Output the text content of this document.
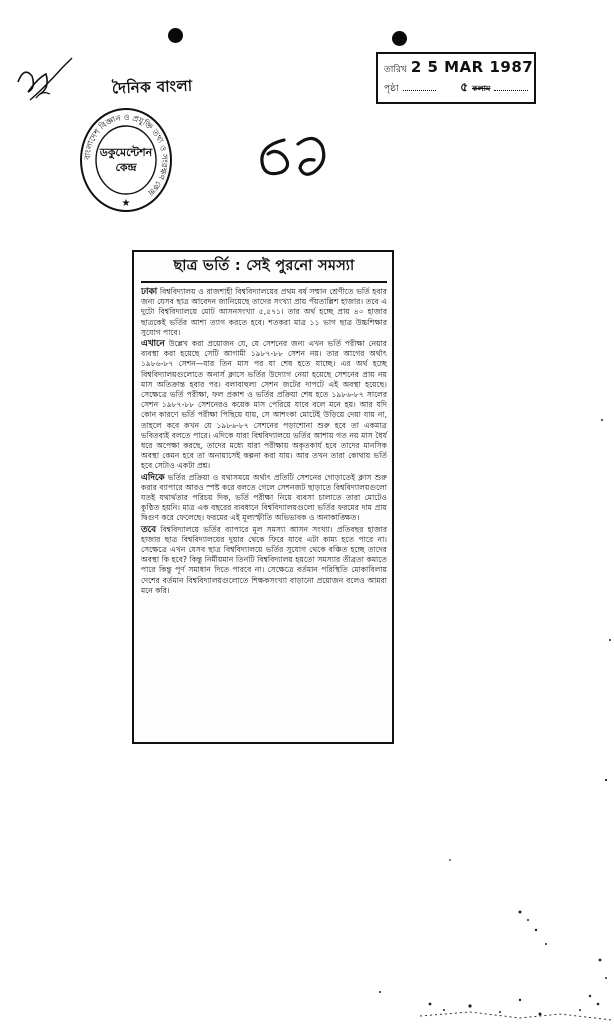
দৈনিক বাংলা
বাংলাদেশ বিজ্ঞান ও প্রযুক্তি তথ্য ও সংরক্ষণ কেন্দ্র
★
ডকুমেন্টেশন
কেন্দ্র
তারিখ 2 5 MAR 1987
পৃষ্ঠা	৫ কলাম
৪৩
ছাত্র ভর্তি : সেই পুরনো সমস্যা

ঢাকা বিশ্ববিদ্যালয় ও রাজশাহী বিশ্ববিদ্যালয়ের প্রথম বর্ষ সম্মান শ্রেণীতে ভর্তি হবার জন্য যেসব ছাত্র আবেদন জানিয়েছে তাদের সংখ্যা প্রায় পঁয়তাল্লিশ হাজার। তবে এ দুটো বিশ্ববিদ্যালয়ে মোট আসনসংখ্যা ৫,৫৭১। তার অর্থ হচ্ছে প্রায় ৪০ হাজার ছাত্রকেই ভর্তির আশা ত্যাগ করতে হবে। শতকরা মাত্র ১১ ভাগ ছাত্র উচ্চশিক্ষার সুযোগ পাবে।

এখানে উল্লেখ করা প্রয়োজন যে, যে সেশনের জন্য এখন ভর্তি পরীক্ষা নেয়ার ব্যবস্থা করা হয়েছে সেটি আগামী ১৯৮৭-৮৮ সেশন নয়। তার আগের অর্থাৎ ১৯৮৬-৮৭ সেশন—যার তিন মাস পর যা শেষ হতে যাচ্ছে। এর অর্থ হচ্ছে বিশ্ববিদ্যালয়গুলোতে অনার্স ক্লাসে ভর্তির উদ্যোগ নেয়া হয়েছে সেশনের প্রায় নয় মাস অতিক্রান্ত হবার পর। বলাবাহুল্য সেশন জটের দাপটে এই অবস্থা হয়েছে। সেক্ষেত্রে ভর্তি পরীক্ষা, ফল প্রকাশ ও ভর্তির প্রক্রিয়া শেষ হতে ১৯৮৬-৮৭ সালের সেশন ১৯৮৭-৮৮ সেশনেরও কয়েক মাস পেরিয়ে যাবে বলে মনে হয়। আর যদি কোন কারণে ভর্তি পরীক্ষা পিছিয়ে যায়, সে আশংকা মোটেই উড়িয়ে দেয়া যায় না, তাহলে কবে কখন যে ১৯৮৬-৮৭ সেশনের পড়াশোনা শুরু হবে তা একমাত্র ভবিতব্যই বলতে পারে। এদিকে যারা বিশ্ববিদ্যালয়ে ভর্তির আশায় গত নয় মাস ধৈর্য ধরে অপেক্ষা করছে, তাদের মধ্যে যারা পরীক্ষায় অকৃতকার্য হবে তাদের মানসিক অবস্থা কেমন হবে তা অনায়াসেই কল্পনা করা যায়। আর তখন তারা কোথায় ভর্তি হবে সেটাও একটা প্রশ্ন।

এদিকে ভর্তির প্রক্রিয়া ও যথাসময়ে অর্থাৎ প্রতিটি সেশনের গোড়াতেই ক্লাস শুরু করার ব্যাপারে আরও স্পষ্ট করে বলতে গেলে সেশনজট ছাড়াতে বিশ্ববিদ্যালয়গুলো যতই যথার্থতার পরিচয় দিক, ভর্তি পরীক্ষা নিয়ে ব্যবসা চালাতে তারা মোটেও কুণ্ঠিত হয়নি। মাত্র এক বছরের ব্যবধানে বিশ্ববিদ্যালয়গুলো ভর্তির ফরমের দাম প্রায় দ্বিগুণ করে ফেলেছে। ফরমের এই মূল্যস্ফীতি অভিভাবক ও অনাকাঙ্ক্ষিত।

তবে বিশ্ববিদ্যালয়ে ভর্তির ব্যাপারে মূল সমস্যা আসন সংখ্যা। প্রতিবছর হাজার হাজার ছাত্র বিশ্ববিদ্যালয়ের দুয়ার থেকে ফিরে যাবে এটা কাম্য হতে পারে না। সেক্ষেত্রে এখন যেসব ছাত্র বিশ্ববিদ্যালয়ে ভর্তির সুযোগ থেকে বঞ্চিত হচ্ছে তাদের অবস্থা কি হবে? কিন্তু নির্মীয়মান তিনটি বিশ্ববিদ্যালয় হয়তো সমস্যার তীব্রতা কমাতে পারে কিন্তু পূর্ণ সমাধান দিতে পারবে না। সেক্ষেত্রে বর্তমান পরিস্থিতি মোকাবিলায় দেশের বর্তমান বিশ্ববিদ্যালয়গুলোতে শিক্ষকসংখ্যা বাড়ানো প্রয়োজন বলেও আমরা মনে করি।
